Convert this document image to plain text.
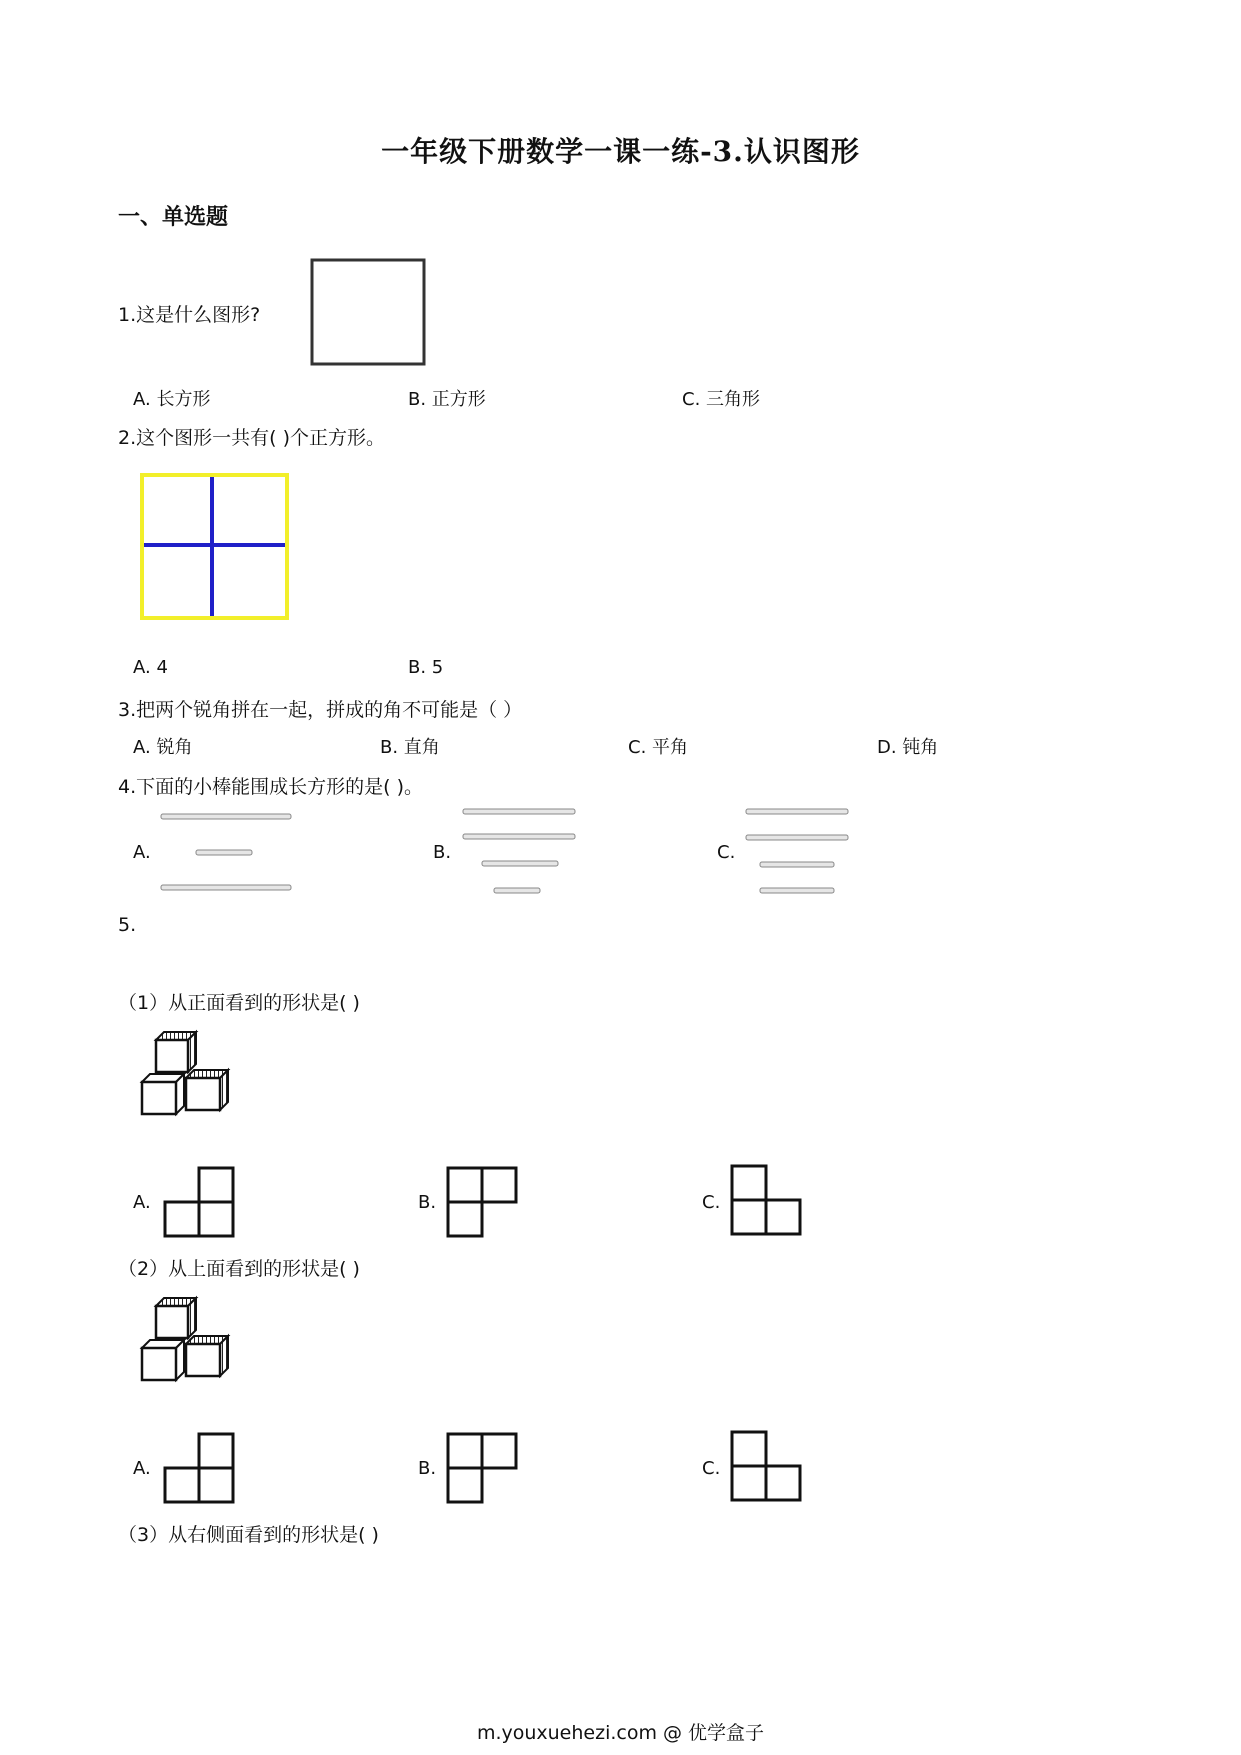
一年级下册数学一课一练-3.认识图形
一、单选题
1.这是什么图形?
A. 长方形	B. 正方形	C. 三角形
2.这个图形一共有( )个正方形。
A. 4	B. 5
3.把两个锐角拼在一起，拼成的角不可能是（ ）
A. 锐角	B. 直角	C. 平角	D. 钝角
4.下面的小棒能围成长方形的是( )。
A.	B.	C.
5.
（1）从正面看到的形状是( )
A.	B.	C.
（2）从上面看到的形状是( )
A.	B.	C.
（3）从右侧面看到的形状是( )
m.youxuehezi.com @ 优学盒子
